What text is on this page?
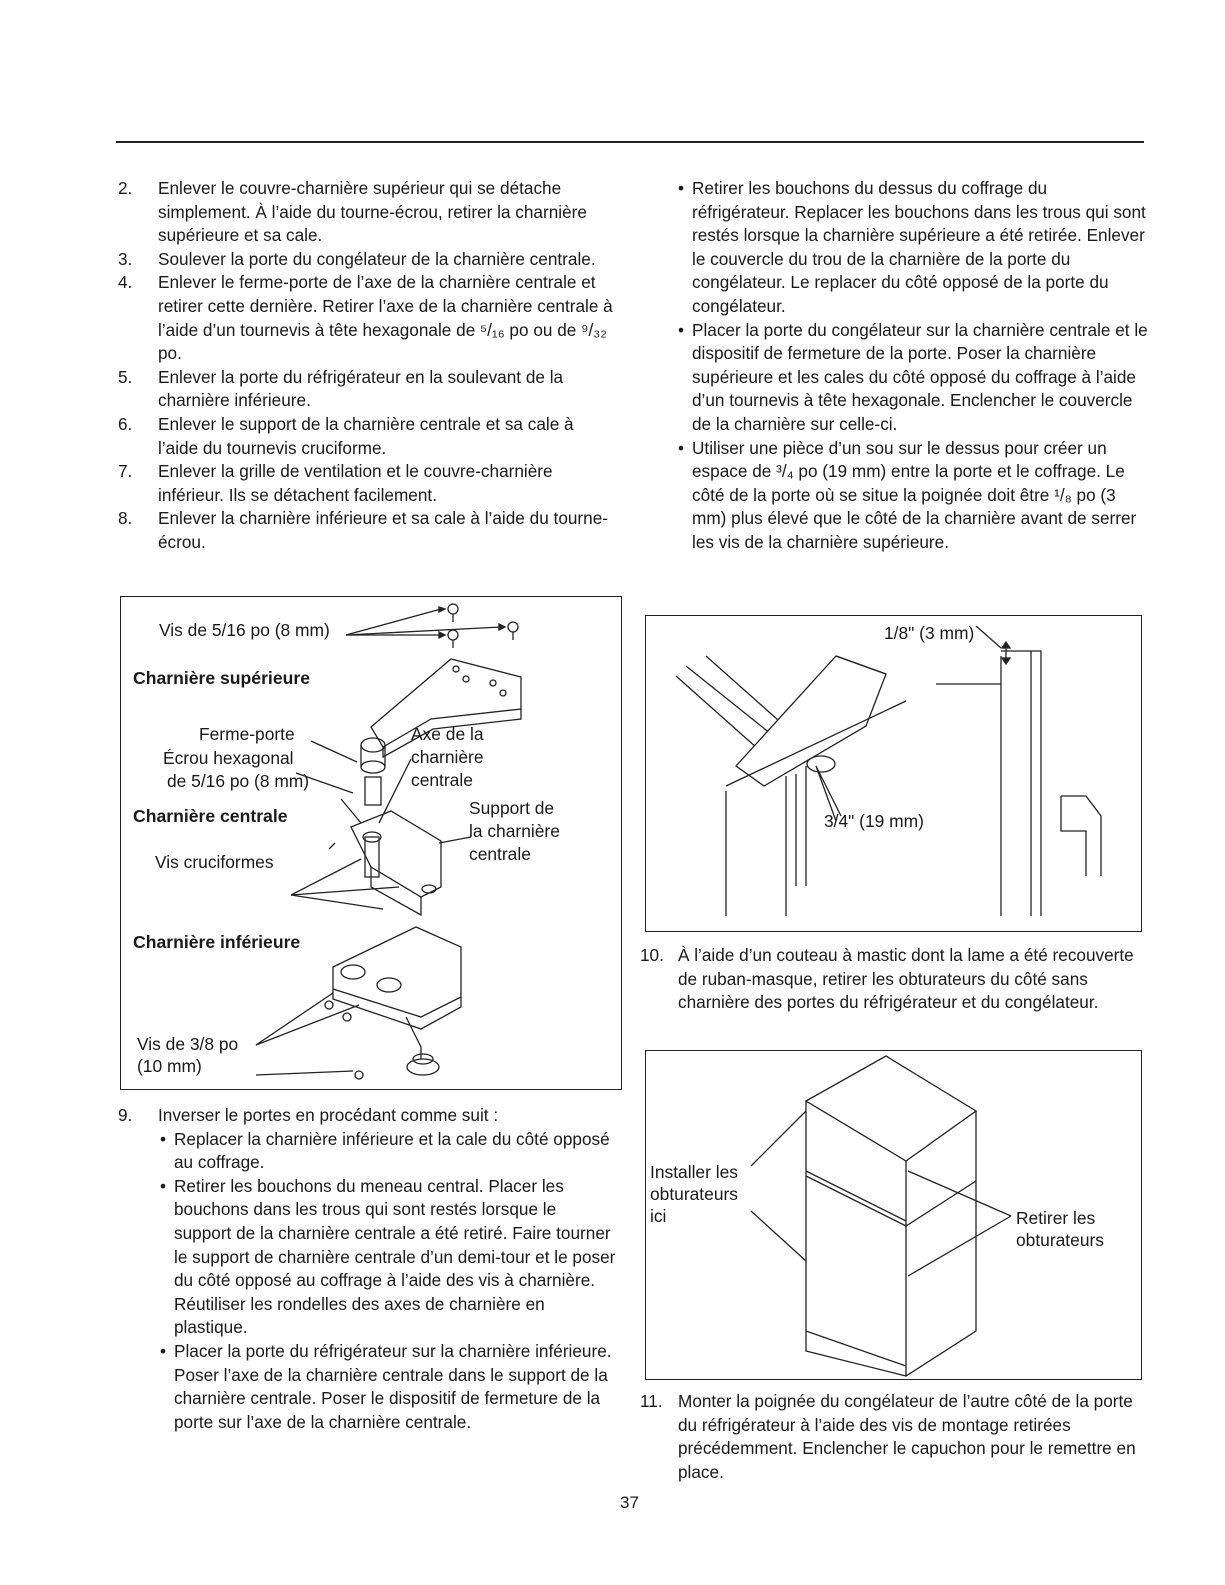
2. Enlever le couvre-charnière supérieur qui se détache simplement. À l’aide du tourne-écrou, retirer la charnière supérieure et sa cale.
3. Soulever la porte du congélateur de la charnière centrale.
4. Enlever le ferme-porte de l’axe de la charnière centrale et retirer cette dernière. Retirer l’axe de la charnière centrale à l’aide d’un tournevis à tête hexagonale de ⁵/₁₆ po ou de ⁹/₃₂ po.
5. Enlever la porte du réfrigérateur en la soulevant de la charnière inférieure.
6. Enlever le support de la charnière centrale et sa cale à l’aide du tournevis cruciforme.
7. Enlever la grille de ventilation et le couvre-charnière inférieur. Ils se détachent facilement.
8. Enlever la charnière inférieure et sa cale à l’aide du tourne-écrou.
Vis de 5/16 po (8 mm)
Charnière supérieure
Ferme-porte
Écrou hexagonal
de 5/16 po (8 mm)
Axe de la
charnière
centrale
Charnière centrale	Support de
la charnière
centrale
Vis cruciformes
Charnière inférieure
Vis de 3/8 po
(10 mm)
9. Inverser le portes en procédant comme suit :
• Replacer la charnière inférieure et la cale du côté opposé au coffrage.
• Retirer les bouchons du meneau central. Placer les bouchons dans les trous qui sont restés lorsque le support de la charnière centrale a été retiré. Faire tourner le support de charnière centrale d’un demi-tour et le poser du côté opposé au coffrage à l’aide des vis à charnière. Réutiliser les rondelles des axes de charnière en plastique.
• Placer la porte du réfrigérateur sur la charnière inférieure. Poser l’axe de la charnière centrale dans le support de la charnière centrale. Poser le dispositif de fermeture de la porte sur l’axe de la charnière centrale.
• Retirer les bouchons du dessus du coffrage du réfrigérateur. Replacer les bouchons dans les trous qui sont restés lorsque la charnière supérieure a été retirée. Enlever le couvercle du trou de la charnière de la porte du congélateur. Le replacer du côté opposé de la porte du congélateur.
• Placer la porte du congélateur sur la charnière centrale et le dispositif de fermeture de la porte. Poser la charnière supérieure et les cales du côté opposé du coffrage à l’aide d’un tournevis à tête hexagonale. Enclencher le couvercle de la charnière sur celle-ci.
• Utiliser une pièce d’un sou sur le dessus pour créer un espace de ³/₄ po (19 mm) entre la porte et le coffrage. Le côté de la porte où se situe la poignée doit être ¹/₈ po (3 mm) plus élevé que le côté de la charnière avant de serrer les vis de la charnière supérieure.
1/8" (3 mm)
3/4" (19 mm)
10. À l’aide d’un couteau à mastic dont la lame a été recouverte de ruban-masque, retirer les obturateurs du côté sans charnière des portes du réfrigérateur et du congélateur.
Installer les
obturateurs
ici	Retirer les
obturateurs
11. Monter la poignée du congélateur de l’autre côté de la porte du réfrigérateur à l’aide des vis de montage retirées précédemment. Enclencher le capuchon pour le remettre en place.
37
